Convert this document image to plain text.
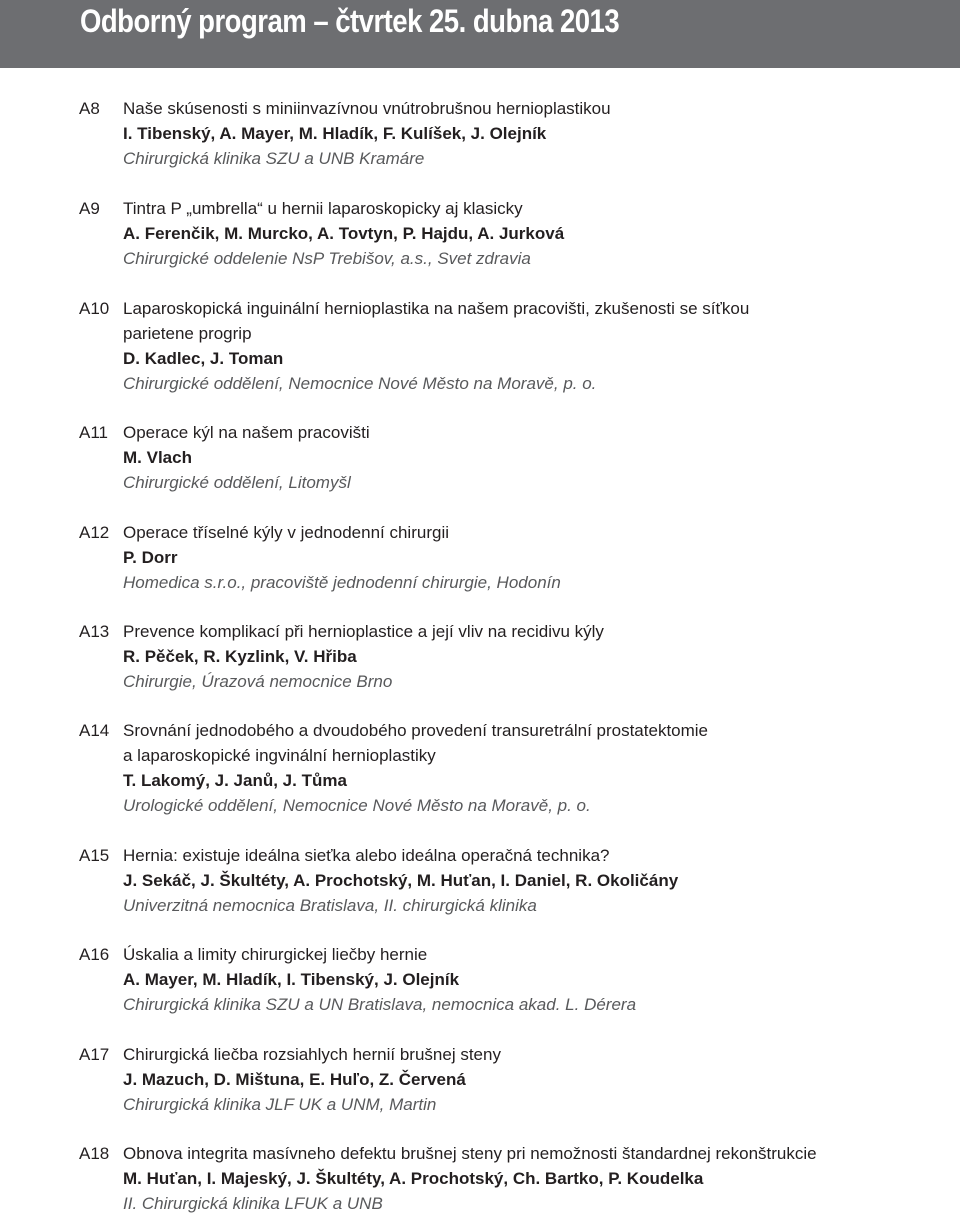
Odborný program – čtvrtek 25. dubna 2013
A8 Naše skúsenosti s miniinvazívnou vnútrobrušnou hernioplastikou
I. Tibenský, A. Mayer, M. Hladík, F. Kulíšek, J. Olejník
Chirurgická klinika SZU a UNB Kramáre
A9 Tintra P „umbrella“ u hernii laparoskopicky aj klasicky
A. Ferenčik, M. Murcko, A. Tovtyn, P. Hajdu, A. Jurková
Chirurgické oddelenie NsP Trebišov, a.s., Svet zdravia
A10 Laparoskopická inguinální hernioplastika na našem pracovišti, zkušenosti se síťkou
parietene progrip
D. Kadlec, J. Toman
Chirurgické oddělení, Nemocnice Nové Město na Moravě, p. o.
A11 Operace kýl na našem pracovišti
M. Vlach
Chirurgické oddělení, Litomyšl
A12 Operace tříselné kýly v jednodenní chirurgii
P. Dorr
Homedica s.r.o., pracoviště jednodenní chirurgie, Hodonín
A13 Prevence komplikací při hernioplastice a její vliv na recidivu kýly
R. Pěček, R. Kyzlink, V. Hřiba
Chirurgie, Úrazová nemocnice Brno
A14 Srovnání jednodobého a dvoudobého provedení transuretrální prostatektomie
a laparoskopické ingvinální hernioplastiky
T. Lakomý, J. Janů, J. Tůma
Urologické oddělení, Nemocnice Nové Město na Moravě, p. o.
A15 Hernia: existuje ideálna sieťka alebo ideálna operačná technika?
J. Sekáč, J. Škultéty, A. Prochotský, M. Huťan, I. Daniel, R. Okoličány
Univerzitná nemocnica Bratislava, II. chirurgická klinika
A16 Úskalia a limity chirurgickej liečby hernie
A. Mayer, M. Hladík, I. Tibenský, J. Olejník
Chirurgická klinika SZU a UN Bratislava, nemocnica akad. L. Dérera
A17 Chirurgická liečba rozsiahlych hernií brušnej steny
J. Mazuch, D. Mištuna, E. Huľo, Z. Červená
Chirurgická klinika JLF UK a UNM, Martin
A18 Obnova integrita masívneho defektu brušnej steny pri nemožnosti štandardnej rekonštrukcie
M. Huťan, I. Majeský, J. Škultéty, A. Prochotský, Ch. Bartko, P. Koudelka
II. Chirurgická klinika LFUK a UNB
